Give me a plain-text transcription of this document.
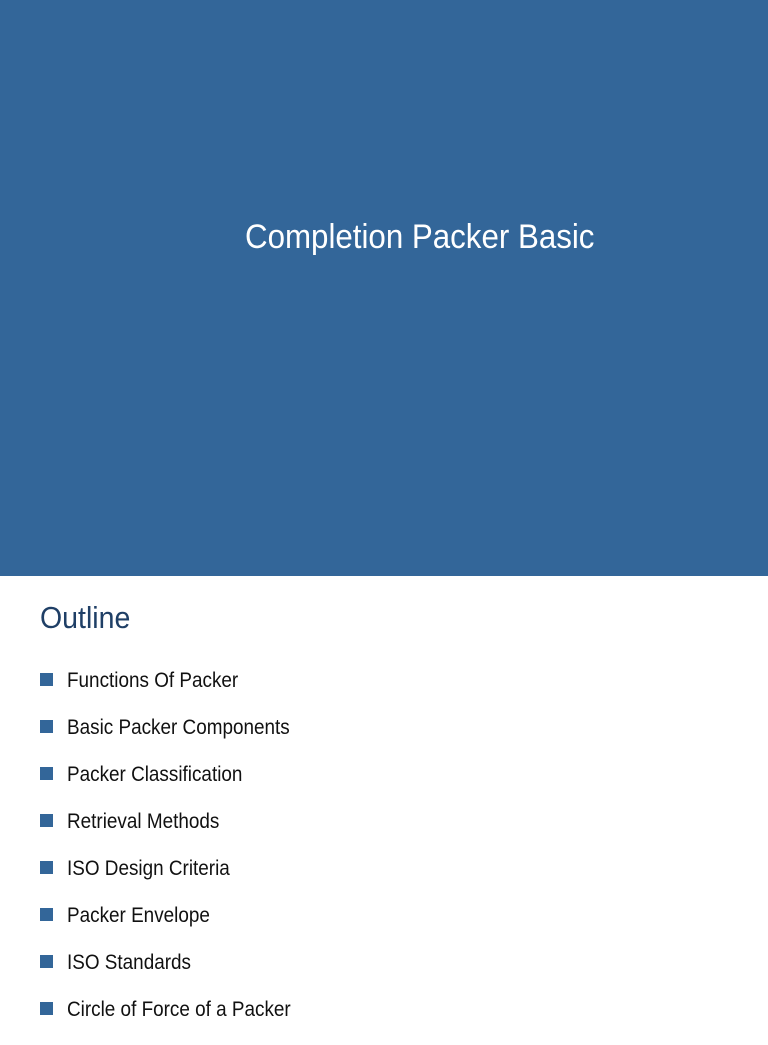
Completion Packer Basic
Outline
Functions Of Packer
Basic Packer Components
Packer Classification
Retrieval Methods
ISO Design Criteria
Packer Envelope
ISO Standards
Circle of Force of a Packer
